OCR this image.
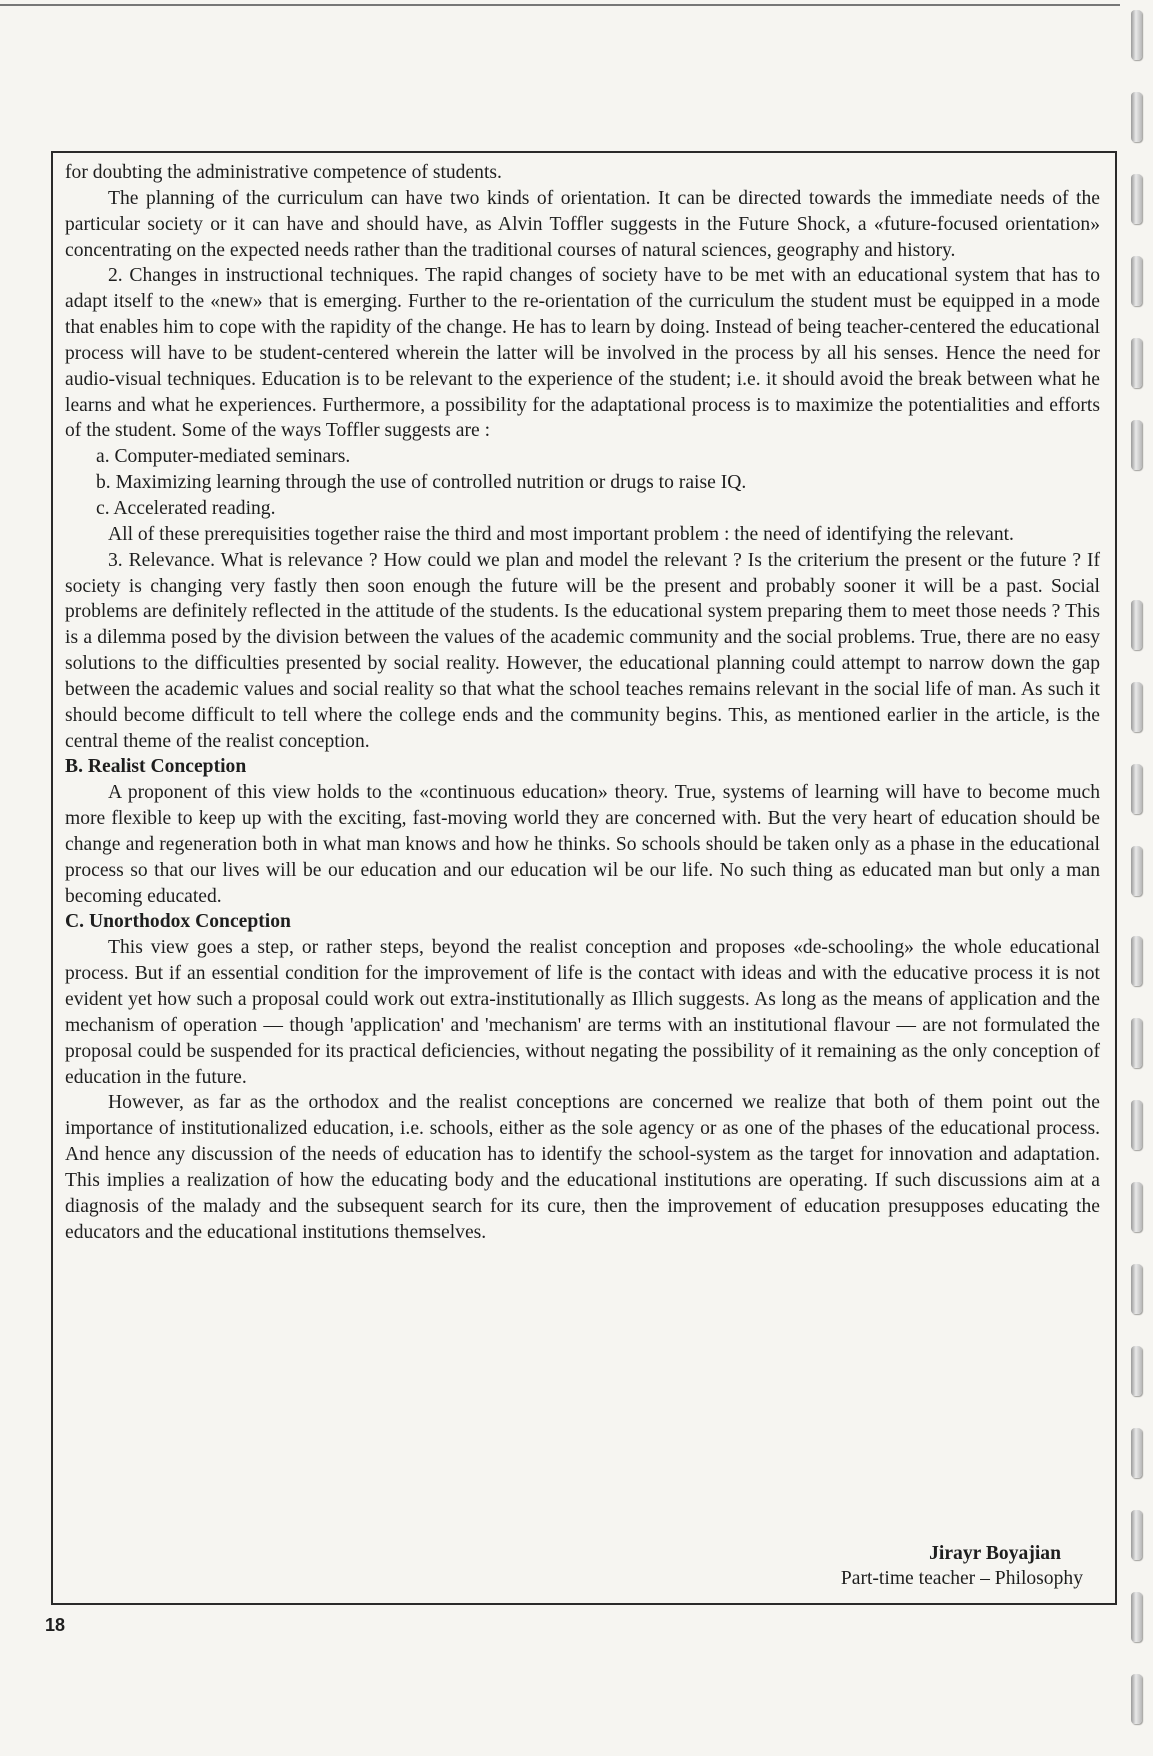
for doubting the administrative competence of students.

The planning of the curriculum can have two kinds of orientation. It can be directed towards the immediate needs of the particular society or it can have and should have, as Alvin Toffler suggests in the Future Shock, a «future-focused orientation» concentrating on the expected needs rather than the traditional courses of natural sciences, geography and history.

2. Changes in instructional techniques. The rapid changes of society have to be met with an educational system that has to adapt itself to the «new» that is emerging. Further to the re-orientation of the curriculum the student must be equipped in a mode that enables him to cope with the rapidity of the change. He has to learn by doing. Instead of being teacher-centered the educational process will have to be student-centered wherein the latter will be involved in the process by all his senses. Hence the need for audio-visual techniques. Education is to be relevant to the experience of the student; i.e. it should avoid the break between what he learns and what he experiences. Furthermore, a possibility for the adaptational process is to maximize the potentialities and efforts of the student. Some of the ways Toffler suggests are :

a. Computer-mediated seminars.

b. Maximizing learning through the use of controlled nutrition or drugs to raise IQ.

c. Accelerated reading.

All of these prerequisities together raise the third and most important problem : the need of identifying the relevant.

3. Relevance. What is relevance ? How could we plan and model the relevant ? Is the criterium the present or the future ? If society is changing very fastly then soon enough the future will be the present and probably sooner it will be a past. Social problems are definitely reflected in the attitude of the students. Is the educational system preparing them to meet those needs ? This is a dilemma posed by the division between the values of the academic community and the social problems. True, there are no easy solutions to the difficulties presented by social reality. However, the educational planning could attempt to narrow down the gap between the academic values and social reality so that what the school teaches remains relevant in the social life of man. As such it should become difficult to tell where the college ends and the community begins. This, as mentioned earlier in the article, is the central theme of the realist conception.

B. Realist Conception

A proponent of this view holds to the «continuous education» theory. True, systems of learning will have to become much more flexible to keep up with the exciting, fast-moving world they are concerned with. But the very heart of education should be change and regeneration both in what man knows and how he thinks. So schools should be taken only as a phase in the educational process so that our lives will be our education and our education wil be our life. No such thing as educated man but only a man becoming educated.

C. Unorthodox Conception

This view goes a step, or rather steps, beyond the realist conception and proposes «de-schooling» the whole educational process. But if an essential condition for the improvement of life is the contact with ideas and with the educative process it is not evident yet how such a proposal could work out extra-institutionally as Illich suggests. As long as the means of application and the mechanism of operation — though 'application' and 'mechanism' are terms with an institutional flavour — are not formulated the proposal could be suspended for its practical deficiencies, without negating the possibility of it remaining as the only conception of education in the future.

However, as far as the orthodox and the realist conceptions are concerned we realize that both of them point out the importance of institutionalized education, i.e. schools, either as the sole agency or as one of the phases of the educational process. And hence any discussion of the needs of education has to identify the school-system as the target for innovation and adaptation. This implies a realization of how the educating body and the educational institutions are operating. If such discussions aim at a diagnosis of the malady and the subsequent search for its cure, then the improvement of education presupposes educating the educators and the educational institutions themselves.

Jirayr Boyajian
Part-time teacher – Philosophy
18
